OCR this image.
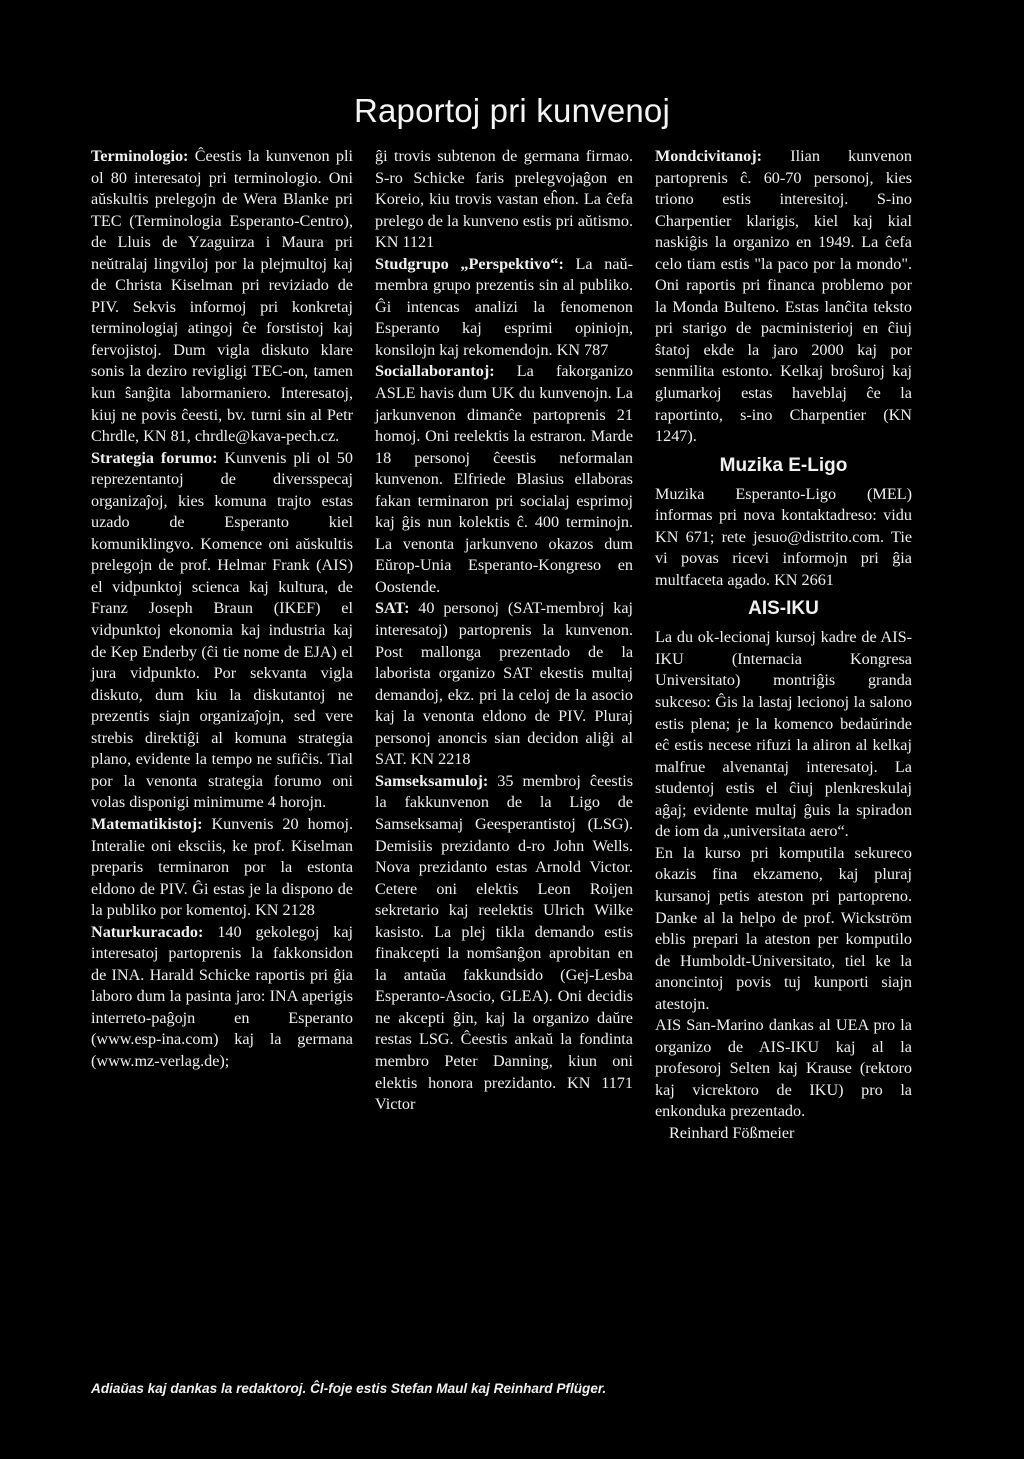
Raportoj pri kunvenoj

Terminologio: Ĉeestis la kunvenon pli ol 80 interesatoj pri terminologio. Oni aŭskultis prelegojn de Wera Blanke pri TEC (Terminologia Esperanto-Centro), de Lluis de Yzaguirza i Maura pri neŭtralaj lingviloj por la plejmultoj kaj de Christa Kiselman pri reviziado de PIV. Sekvis informoj pri konkretaj terminologiaj atingoj ĉe forstistoj kaj fervojistoj. Dum vigla diskuto klare sonis la deziro revigligi TEC-on, tamen kun ŝanĝita labormaniero. Interesatoj, kiuj ne povis ĉeesti, bv. turni sin al Petr Chrdle, KN 81, chrdle@kava-pech.cz.

Strategia forumo: Kunvenis pli ol 50 reprezentantoj de diversspecaj organizaĵoj, kies komuna trajto estas uzado de Esperanto kiel komuniklingvo. Komence oni aŭskultis prelegojn de prof. Helmar Frank (AIS) el vidpunktoj scienca kaj kultura, de Franz Joseph Braun (IKEF) el vidpunktoj ekonomia kaj industria kaj de Kep Enderby (ĉi tie nome de EJA) el jura vidpunkto. Por sekvanta vigla diskuto, dum kiu la diskutantoj ne prezentis siajn organizaĵojn, sed vere strebis direktiĝi al komuna strategia plano, evidente la tempo ne sufiĉis. Tial por la venonta strategia forumo oni volas disponigi minimume 4 horojn.

Matematikistoj: Kunvenis 20 homoj. Interalie oni eksciis, ke prof. Kiselman preparis terminaron por la estonta eldono de PIV. Ĝi estas je la dispono de la publiko por komentoj. KN 2128

Naturkuracado: 140 gekolegoj kaj interesatoj partoprenis la fakkonsidon de INA. Harald Schicke raportis pri ĝia laboro dum la pasinta jaro: INA aperigis interreto-paĝojn en Esperanto (www.esp-ina.com) kaj la germana (www.mz-verlag.de);

ĝi trovis subtenon de germana firmao. S-ro Schicke faris prelegvojaĝon en Koreio, kiu trovis vastan eĥon. La ĉefa prelego de la kunveno estis pri aŭtismo. KN 1121

Studgrupo „Perspektivo“: La naŭ-membra grupo prezentis sin al publiko. Ĝi intencas analizi la fenomenon Esperanto kaj esprimi opiniojn, konsilojn kaj rekomendojn. KN 787

Sociallaborantoj: La fakorganizo ASLE havis dum UK du kunvenojn. La jarkunvenon dimanĉe partoprenis 21 homoj. Oni reelektis la estraron. Marde 18 personoj ĉeestis neformalan kunvenon. Elfriede Blasius ellaboras fakan terminaron pri socialaj esprimoj kaj ĝis nun kolektis ĉ. 400 terminojn. La venonta jarkunveno okazos dum Eŭrop-Unia Esperanto-Kongreso en Oostende.

SAT: 40 personoj (SAT-membroj kaj interesatoj) partoprenis la kunvenon. Post mallonga prezentado de la laborista organizo SAT ekestis multaj demandoj, ekz. pri la celoj de la asocio kaj la venonta eldono de PIV. Pluraj personoj anoncis sian decidon aliĝi al SAT. KN 2218

Samseksamuloj: 35 membroj ĉeestis la fakkunvenon de la Ligo de Samseksamaj Geesperantistoj (LSG). Demisiis prezidanto d-ro John Wells. Nova prezidanto estas Arnold Victor. Cetere oni elektis Leon Roijen sekretario kaj reelektis Ulrich Wilke kasisto. La plej tikla demando estis finakcepti la nomŝanĝon aprobitan en la antaŭa fakkundsido (Gej-Lesba Esperanto-Asocio, GLEA). Oni decidis ne akcepti ĝin, kaj la organizo daŭre restas LSG. Ĉeestis ankaŭ la fondinta membro Peter Danning, kiun oni elektis honora prezidanto. KN 1171 Victor

Mondcivitanoj: Ilian kunvenon partoprenis ĉ. 60-70 personoj, kies triono estis interesitoj. S-ino Charpentier klarigis, kiel kaj kial naskiĝis la organizo en 1949. La ĉefa celo tiam estis "la paco por la mondo". Oni raportis pri financa problemo por la Monda Bulteno. Estas lanĉita teksto pri starigo de pacministerioj en ĉiuj ŝtatoj ekde la jaro 2000 kaj por senmilita estonto. Kelkaj broŝuroj kaj glumarkoj estas haveblaj ĉe la raportinto, s-ino Charpentier (KN 1247).

Muzika E-Ligo

Muzika Esperanto-Ligo (MEL) informas pri nova kontaktadreso: vidu KN 671; rete jesuo@distrito.com. Tie vi povas ricevi informojn pri ĝia multfaceta agado. KN 2661

AIS-IKU

La du ok-lecionaj kursoj kadre de AIS-IKU (Internacia Kongresa Universitato) montriĝis granda sukceso: Ĝis la lastaj lecionoj la salono estis plena; je la komenco bedaŭrinde eĉ estis necese rifuzi la aliron al kelkaj malfrue alvenantaj interesatoj. La studentoj estis el ĉiuj plenkreskulaj aĝaj; evidente multaj ĝuis la spiradon de iom da „universitata aero“.

En la kurso pri komputila sekureco okazis fina ekzameno, kaj pluraj kursanoj petis ateston pri partopreno. Danke al la helpo de prof. Wickström eblis prepari la ateston per komputilo de Humboldt-Universitato, tiel ke la anoncintoj povis tuj kunporti siajn atestojn.

AIS San-Marino dankas al UEA pro la organizo de AIS-IKU kaj al la profesoroj Selten kaj Krause (rektoro kaj vicrektoro de IKU) pro la enkonduka prezentado.

Reinhard Fößmeier

Adiaŭas kaj dankas la redaktoroj. Ĉl-foje estis Stefan Maul kaj Reinhard Pflüger.
